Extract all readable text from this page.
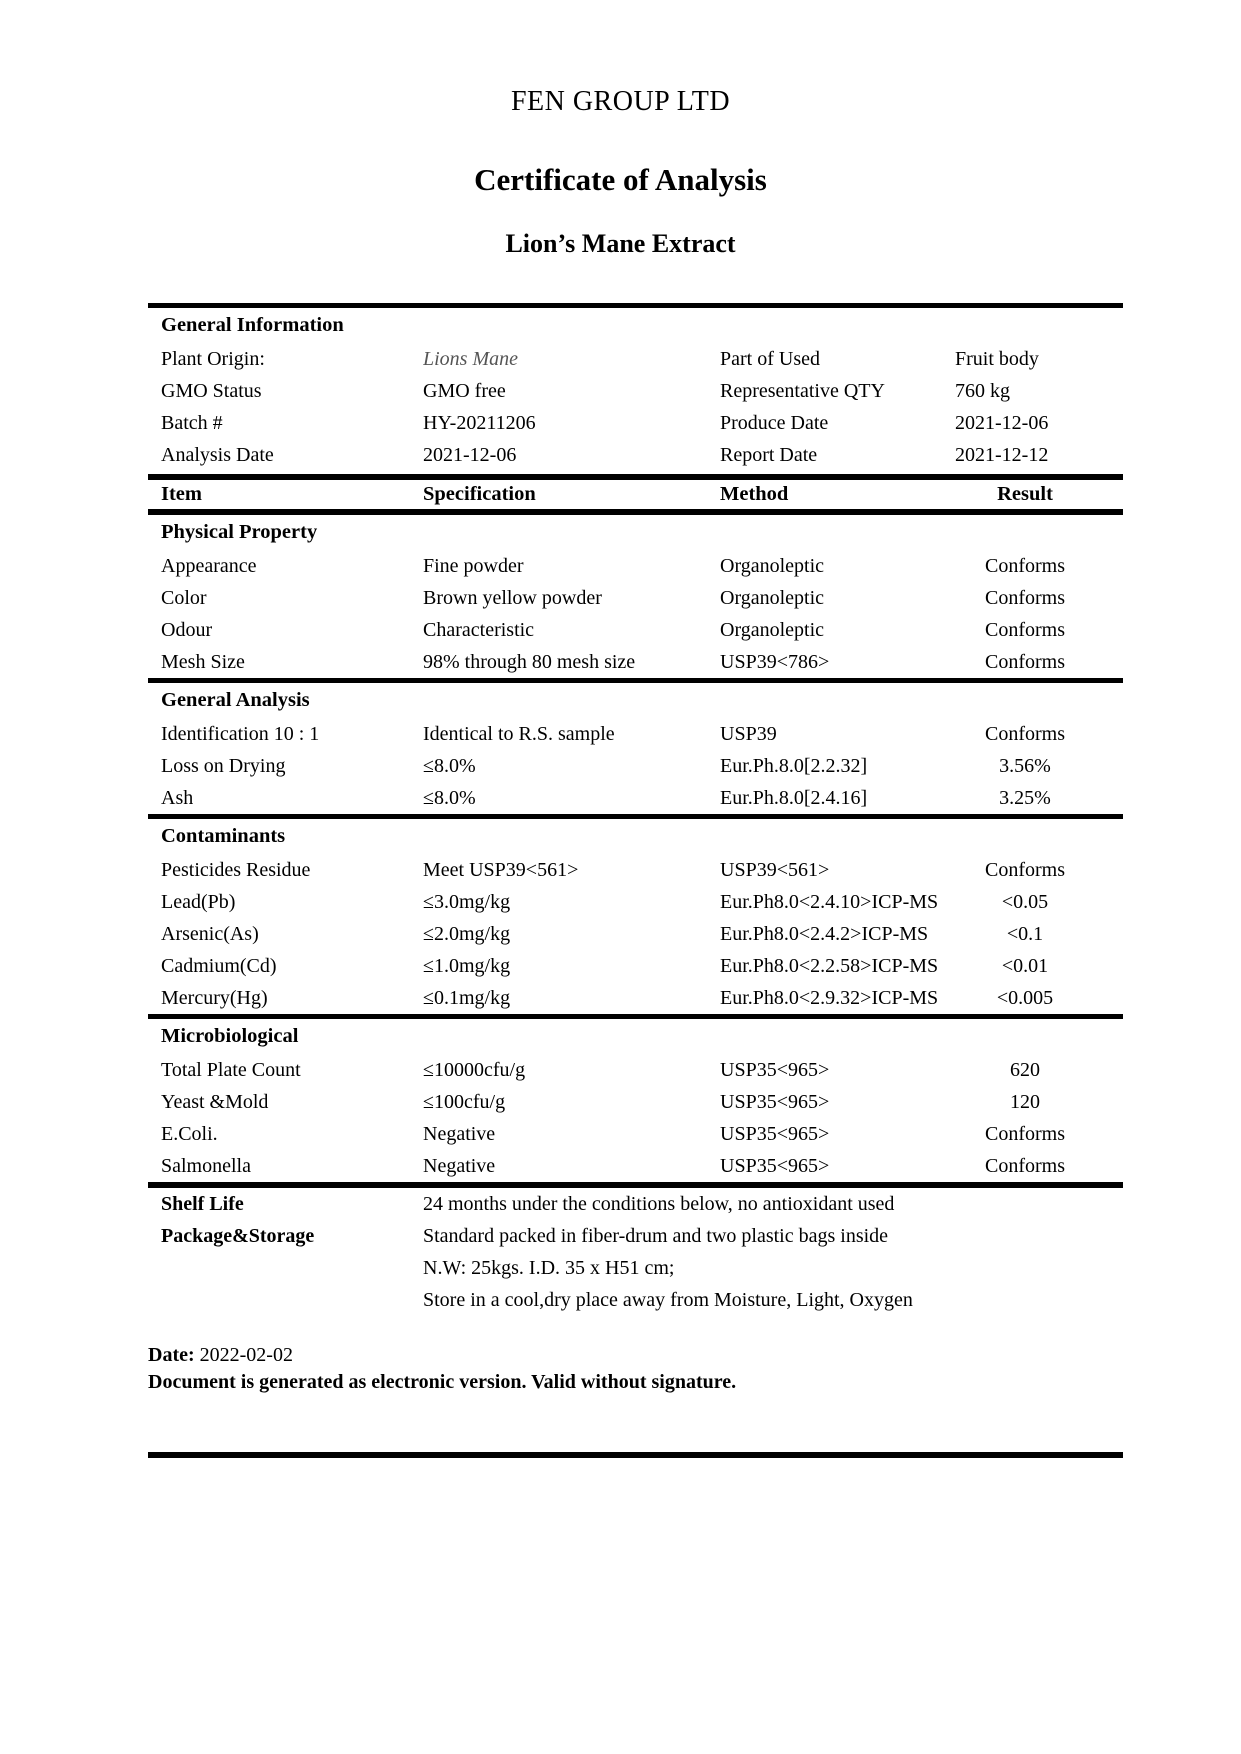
FEN GROUP LTD
Certificate of Analysis
Lion’s Mane Extract
General Information
Plant Origin:	Lions Mane	Part of Used	Fruit body
GMO Status	GMO free	Representative QTY	760 kg
Batch #	HY-20211206	Produce Date	2021-12-06
Analysis Date	2021-12-06	Report Date	2021-12-12
Item	Specification	Method	Result
Physical Property
Appearance	Fine powder	Organoleptic	Conforms
Color	Brown yellow powder	Organoleptic	Conforms
Odour	Characteristic	Organoleptic	Conforms
Mesh Size	98% through 80 mesh size	USP39<786>	Conforms
General Analysis
Identification 10 : 1	Identical to R.S. sample	USP39	Conforms
Loss on Drying	≤8.0%	Eur.Ph.8.0[2.2.32]	3.56%
Ash	≤8.0%	Eur.Ph.8.0[2.4.16]	3.25%
Contaminants
Pesticides Residue	Meet USP39<561>	USP39<561>	Conforms
Lead(Pb)	≤3.0mg/kg	Eur.Ph8.0<2.4.10>ICP-MS	<0.05
Arsenic(As)	≤2.0mg/kg	Eur.Ph8.0<2.4.2>ICP-MS	<0.1
Cadmium(Cd)	≤1.0mg/kg	Eur.Ph8.0<2.2.58>ICP-MS	<0.01
Mercury(Hg)	≤0.1mg/kg	Eur.Ph8.0<2.9.32>ICP-MS	<0.005
Microbiological
Total Plate Count	≤10000cfu/g	USP35<965>	620
Yeast &Mold	≤100cfu/g	USP35<965>	120
E.Coli.	Negative	USP35<965>	Conforms
Salmonella	Negative	USP35<965>	Conforms
Shelf Life	24 months under the conditions below, no antioxidant used
Package&Storage	Standard packed in fiber-drum and two plastic bags inside
N.W: 25kgs. I.D. 35 x H51 cm;
Store in a cool,dry place away from Moisture, Light, Oxygen
Date: 2022-02-02
Document is generated as electronic version. Valid without signature.
